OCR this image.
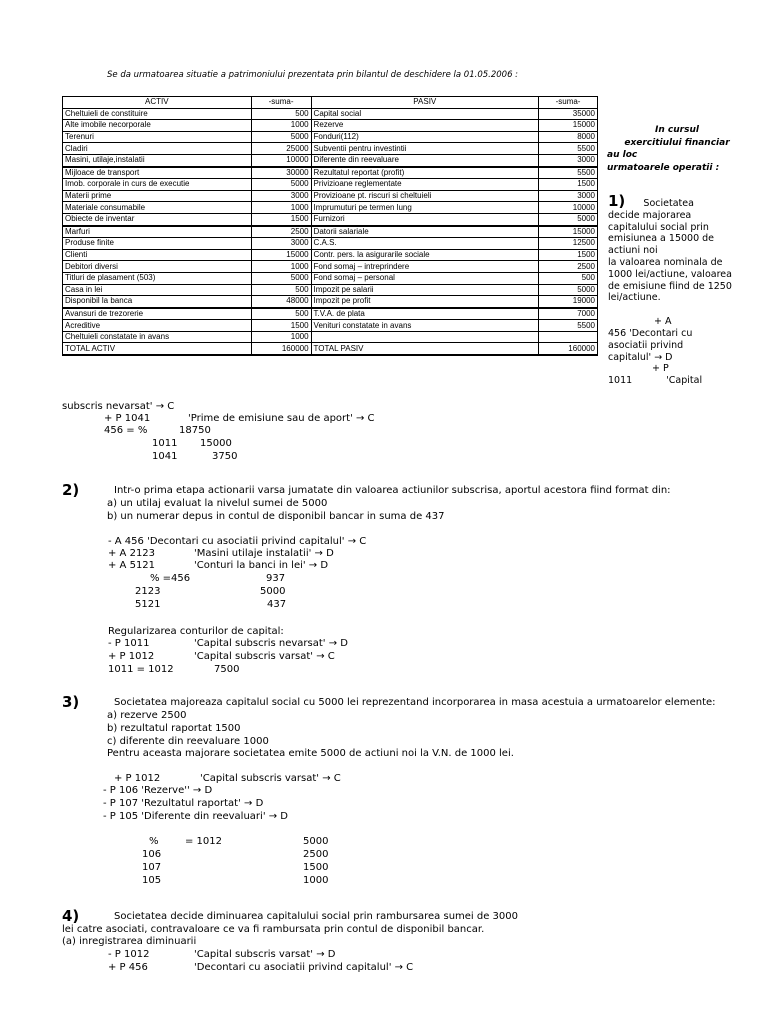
Se da urmatoarea situatie a patrimoniului prezentata prin bilantul de deschidere la 01.05.2006 :
ACTIV	-suma-	PASIV	-suma-
Cheltuieli de constituire	500	Capital social	35000
Alte imobile necorporale	1000	Rezerve	15000
Terenuri	5000	Fonduri(112)	8000
Cladiri	25000	Subventii pentru investintii	5500
Masini, utilaje,instalatii	10000	Diferente din reevaluare	3000
Mijloace de transport	30000	Rezultatul reportat (profit)	5500
Imob. corporale in curs de executie	5000	Privizioane reglementate	1500
Materii prime	3000	Provizioane pt. riscuri si cheltuieli	3000
Materiale consumabile	1000	Imprumuturi pe termen lung	10000
Obiecte de inventar	1500	Furnizori	5000
Marfuri	2500	Datorii salariale	15000
Produse finite	3000	C.A.S.	12500
Clienti	15000	Contr. pers. la asigurarile sociale	1500
Debitori diversi	1000	Fond somaj – intreprindere	2500
Titluri de plasament (503)	5000	Fond somaj – personal	500
Casa in lei	500	Impozit pe salarii	5000
Disponibil la banca	48000	Impozit pe profit	19000
Avansuri de trezorerie	500	T.V.A. de plata	7000
Acreditive	1500	Venituri constatate in avans	5500
Cheltuieli constatate in avans	1000		
TOTAL ACTIV	160000	TOTAL PASIV	160000
In cursul
exercitiului financiar
au loc
urmatoarele operatii :
1) Societatea
decide majorarea
capitalului social prin
emisiunea a 15000 de
actiuni noi
la valoarea nominala de
1000 lei/actiune, valoarea
de emisiune fiind de 1250
lei/actiune.
+ A
456 'Decontari cu
asociatii privind
capitalul' → D
+ P
1011	'Capital
subscris nevarsat' → C
+ P 1041	'Prime de emisiune sau de aport' → C
456 = %	18750
1011 15000
1041	3750
2)	Intr-o prima etapa actionarii varsa jumatate din valoarea actiunilor subscrisa, aportul acestora fiind format din:
a) un utilaj evaluat la nivelul sumei de 5000
b) un numerar depus in contul de disponibil bancar in suma de 437
- A 456 'Decontari cu asociatii privind capitalul' → C
+ A 2123	'Masini utilaje instalatii' → D
+ A 5121	'Conturi la banci in lei' → D
% =456	937
2123	5000
5121	437
Regularizarea conturilor de capital:
- P 1011	'Capital subscris nevarsat' → D
+ P 1012	'Capital subscris varsat' → C
1011 = 1012	7500
3)	Societatea majoreaza capitalul social cu 5000 lei reprezentand incorporarea in masa acestuia a urmatoarelor elemente:
a) rezerve 2500
b) rezultatul raportat 1500
c) diferente din reevaluare 1000
Pentru aceasta majorare societatea emite 5000 de actiuni noi la V.N. de 1000 lei.
+ P 1012	'Capital subscris varsat' → C
- P 106 'Rezerve'' → D
- P 107 'Rezultatul raportat' → D
- P 105 'Diferente din reevaluari' → D
%	= 1012	5000
106	2500
107	1500
105	1000
4)	Societatea decide diminuarea capitalului social prin rambursarea sumei de 3000
lei catre asociati, contravaloare ce va fi rambursata prin contul de disponibil bancar.
(a) inregistrarea diminuarii
- P 1012	'Capital subscris varsat' → D
+ P 456	'Decontari cu asociatii privind capitalul' → C
